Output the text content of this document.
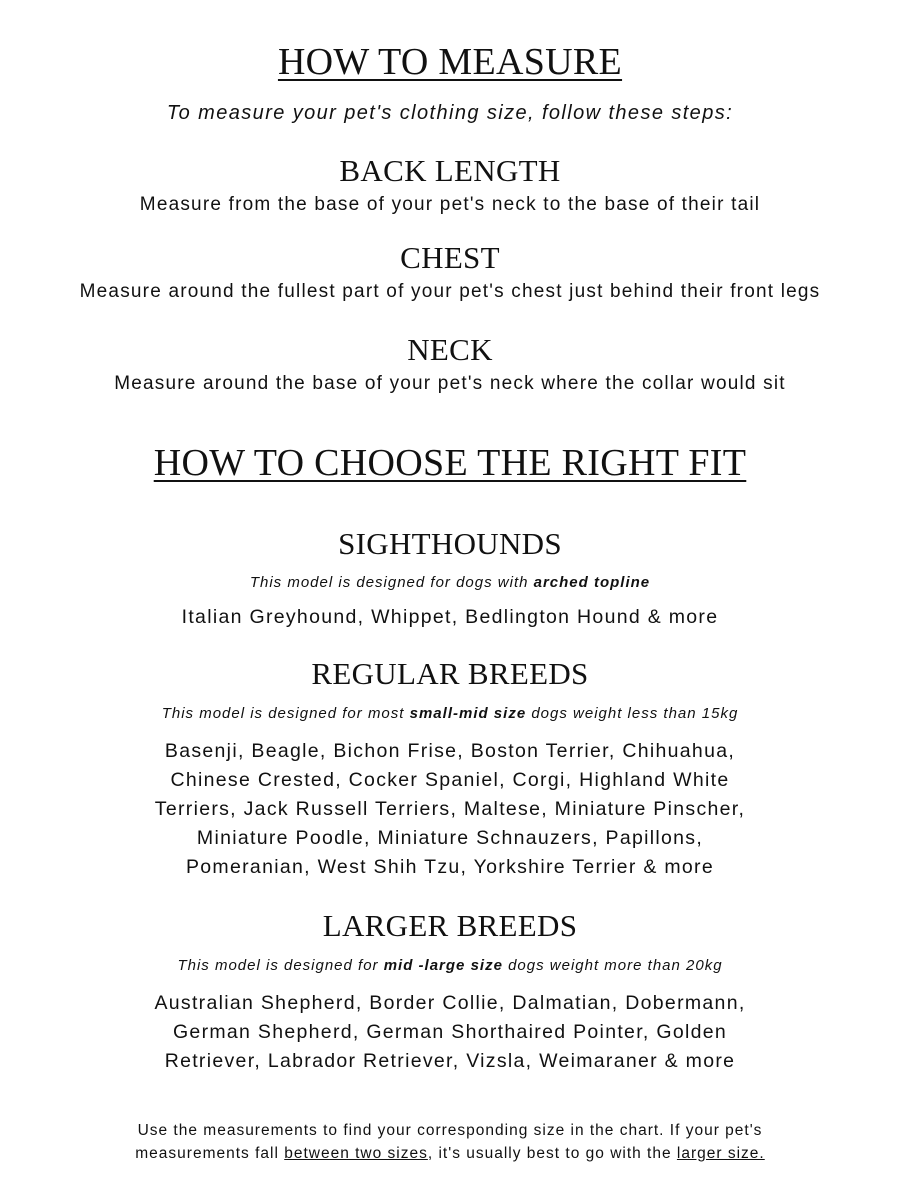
HOW TO MEASURE
To measure your pet's clothing size, follow these steps:
BACK LENGTH
Measure from the base of your pet's neck to the base of their tail
CHEST
Measure around the fullest part of your pet's chest just behind their front legs
NECK
Measure around the base of your pet's neck where the collar would sit
HOW TO CHOOSE THE RIGHT FIT
SIGHTHOUNDS
This model is designed for dogs with arched topline
Italian Greyhound, Whippet, Bedlington Hound & more
REGULAR BREEDS
This model is designed for most small-mid size dogs weight less than 15kg
Basenji, Beagle, Bichon Frise, Boston Terrier, Chihuahua,
Chinese Crested, Cocker Spaniel, Corgi, Highland White
Terriers, Jack Russell Terriers, Maltese, Miniature Pinscher,
Miniature Poodle, Miniature Schnauzers, Papillons,
Pomeranian, West Shih Tzu, Yorkshire Terrier & more
LARGER BREEDS
This model is designed for mid -large size dogs weight more than 20kg
Australian Shepherd, Border Collie, Dalmatian, Dobermann,
German Shepherd, German Shorthaired Pointer, Golden
Retriever, Labrador Retriever, Vizsla, Weimaraner & more
Use the measurements to find your corresponding size in the chart. If your pet's
measurements fall between two sizes, it's usually best to go with the larger size.
